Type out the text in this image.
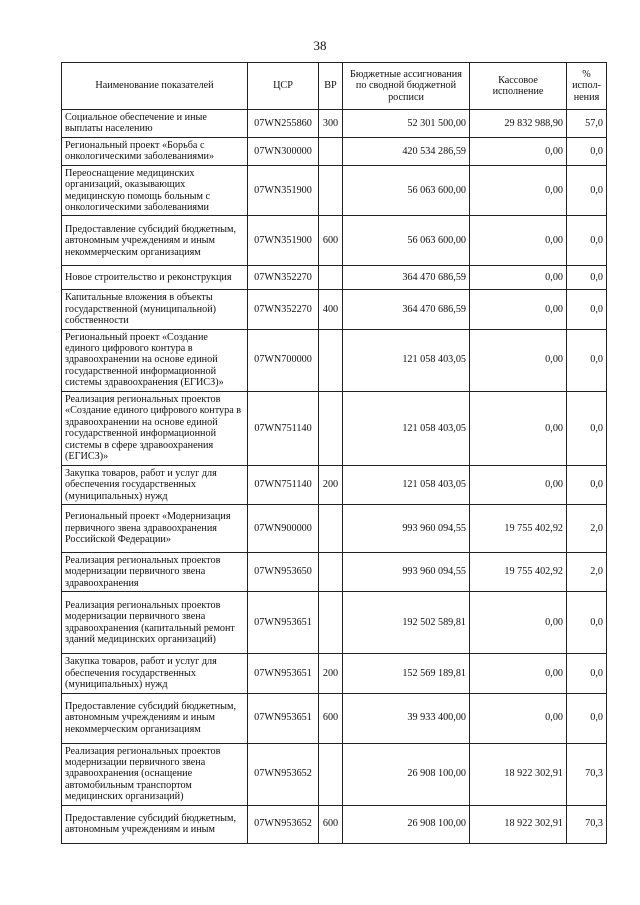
38
Наименование показателей	ЦСР	ВР	Бюджетные ассигнования по сводной бюджетной росписи	Кассовое исполнение	% испол-нения
Социальное обеспечение и иные выплаты населению	07WN255860	300	52 301 500,00	29 832 988,90	57,0
Региональный проект «Борьба с онкологическими заболеваниями»	07WN300000		420 534 286,59	0,00	0,0
Переоснащение медицинских организаций, оказывающих медицинскую помощь больным с онкологическими заболеваниями	07WN351900		56 063 600,00	0,00	0,0
Предоставление субсидий бюджетным, автономным учреждениям и иным некоммерческим организациям	07WN351900	600	56 063 600,00	0,00	0,0
Новое строительство и реконструкция	07WN352270		364 470 686,59	0,00	0,0
Капитальные вложения в объекты государственной (муниципальной) собственности	07WN352270	400	364 470 686,59	0,00	0,0
Региональный проект «Создание единого цифрового контура в здравоохранении на основе единой государственной информационной системы здравоохранения (ЕГИСЗ)»	07WN700000		121 058 403,05	0,00	0,0
Реализация региональных проектов «Создание единого цифрового контура в здравоохранении на основе единой государственной информационной системы в сфере здравоохранения (ЕГИСЗ)»	07WN751140		121 058 403,05	0,00	0,0
Закупка товаров, работ и услуг для обеспечения государственных (муниципальных) нужд	07WN751140	200	121 058 403,05	0,00	0,0
Региональный проект «Модернизация первичного звена здравоохранения Российской Федерации»	07WN900000		993 960 094,55	19 755 402,92	2,0
Реализация региональных проектов модернизации первичного звена здравоохранения	07WN953650		993 960 094,55	19 755 402,92	2,0
Реализация региональных проектов модернизации первичного звена здравоохранения (капитальный ремонт зданий медицинских организаций)	07WN953651		192 502 589,81	0,00	0,0
Закупка товаров, работ и услуг для обеспечения государственных (муниципальных) нужд	07WN953651	200	152 569 189,81	0,00	0,0
Предоставление субсидий бюджетным, автономным учреждениям и иным некоммерческим организациям	07WN953651	600	39 933 400,00	0,00	0,0
Реализация региональных проектов модернизации первичного звена здравоохранения (оснащение автомобильным транспортом медицинских организаций)	07WN953652		26 908 100,00	18 922 302,91	70,3
Предоставление субсидий бюджетным, автономным учреждениям и иным	07WN953652	600	26 908 100,00	18 922 302,91	70,3
